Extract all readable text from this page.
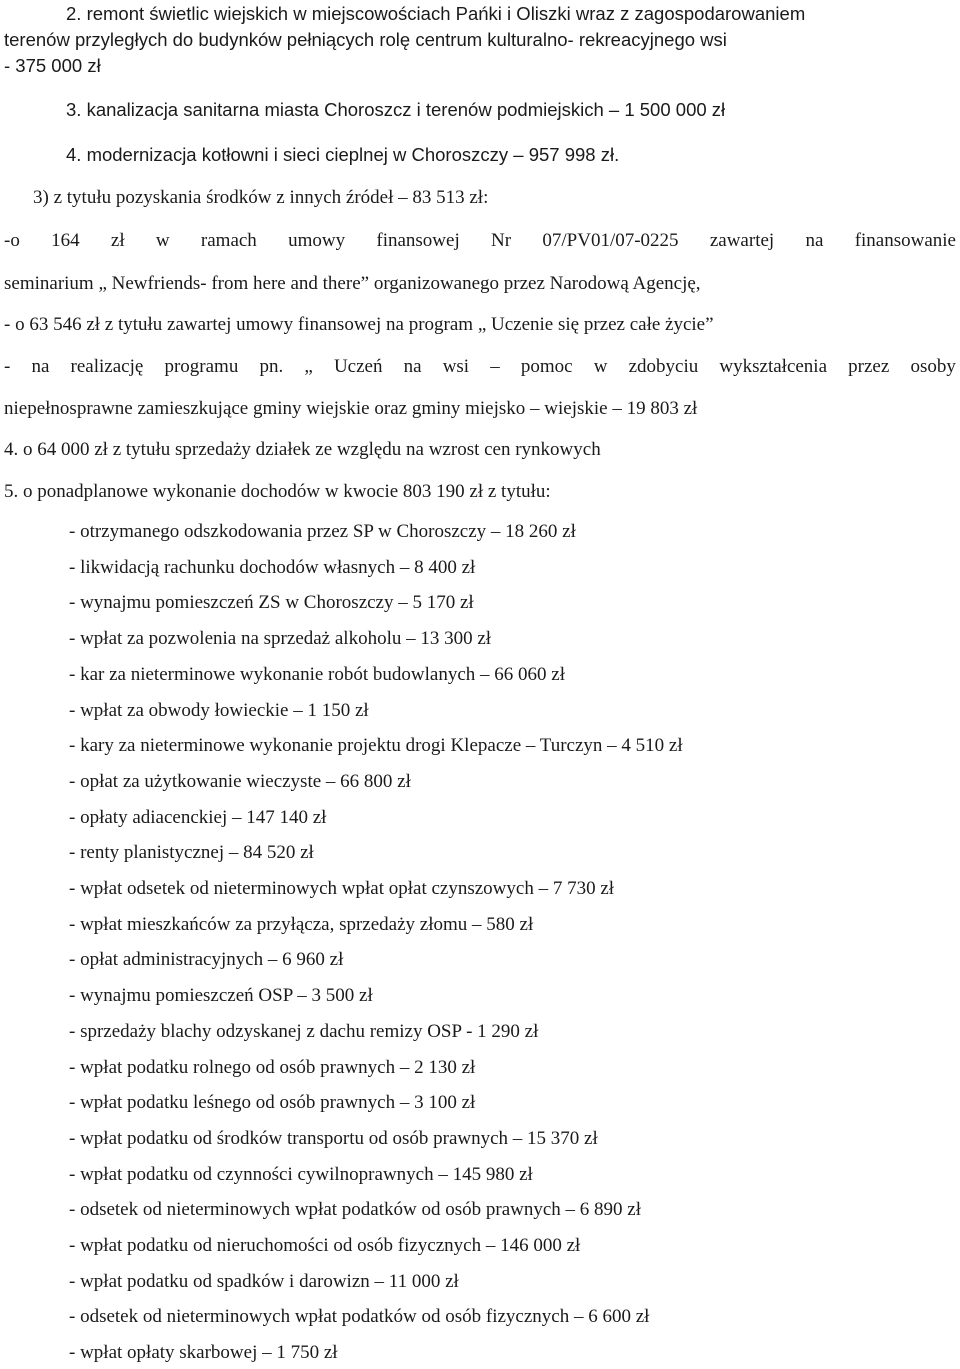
2. remont świetlic wiejskich w miejscowościach Pańki i Oliszki wraz z zagospodarowaniem
terenów przyległych do budynków pełniących rolę centrum kulturalno- rekreacyjnego wsi
- 375 000 zł
3. kanalizacja sanitarna miasta Choroszcz i terenów podmiejskich – 1 500 000 zł
4. modernizacja kotłowni i sieci cieplnej w Choroszczy – 957 998 zł.
3) z tytułu pozyskania środków z innych źródeł – 83 513 zł:
-o 164 zł w ramach umowy finansowej Nr 07/PV01/07-0225 zawartej na finansowanie
seminarium „ Newfriends- from here and there” organizowanego przez Narodową Agencję,
- o 63 546 zł z tytułu zawartej umowy finansowej na program „ Uczenie się przez całe życie”
- na realizację programu pn. „ Uczeń na wsi – pomoc w zdobyciu wykształcenia przez osoby
niepełnosprawne zamieszkujące gminy wiejskie oraz gminy miejsko – wiejskie – 19 803 zł
4. o 64 000 zł z tytułu sprzedaży działek ze względu na wzrost cen rynkowych
5. o ponadplanowe wykonanie dochodów w kwocie 803 190 zł z tytułu:
- otrzymanego odszkodowania przez SP w Choroszczy – 18 260 zł
- likwidacją rachunku dochodów własnych – 8 400 zł
- wynajmu pomieszczeń ZS w Choroszczy – 5 170 zł
- wpłat za pozwolenia na sprzedaż alkoholu – 13 300 zł
- kar za nieterminowe wykonanie robót budowlanych – 66 060 zł
- wpłat za obwody łowieckie – 1 150 zł
- kary za nieterminowe wykonanie projektu drogi Klepacze – Turczyn – 4 510 zł
- opłat za użytkowanie wieczyste – 66 800 zł
- opłaty adiacenckiej – 147 140 zł
- renty planistycznej – 84 520 zł
- wpłat odsetek od nieterminowych wpłat opłat czynszowych – 7 730 zł
- wpłat mieszkańców za przyłącza, sprzedaży złomu – 580 zł
- opłat administracyjnych – 6 960 zł
- wynajmu pomieszczeń OSP – 3 500 zł
- sprzedaży blachy odzyskanej z dachu remizy OSP - 1 290 zł
- wpłat podatku rolnego od osób prawnych – 2 130 zł
- wpłat podatku leśnego od osób prawnych – 3 100 zł
- wpłat podatku od środków transportu od osób prawnych – 15 370 zł
- wpłat podatku od czynności cywilnoprawnych – 145 980 zł
- odsetek od nieterminowych wpłat podatków od osób prawnych – 6 890 zł
- wpłat podatku od nieruchomości od osób fizycznych – 146 000 zł
- wpłat podatku od spadków i darowizn – 11 000 zł
- odsetek od nieterminowych wpłat podatków od osób fizycznych – 6 600 zł
- wpłat opłaty skarbowej – 1 750 zł
